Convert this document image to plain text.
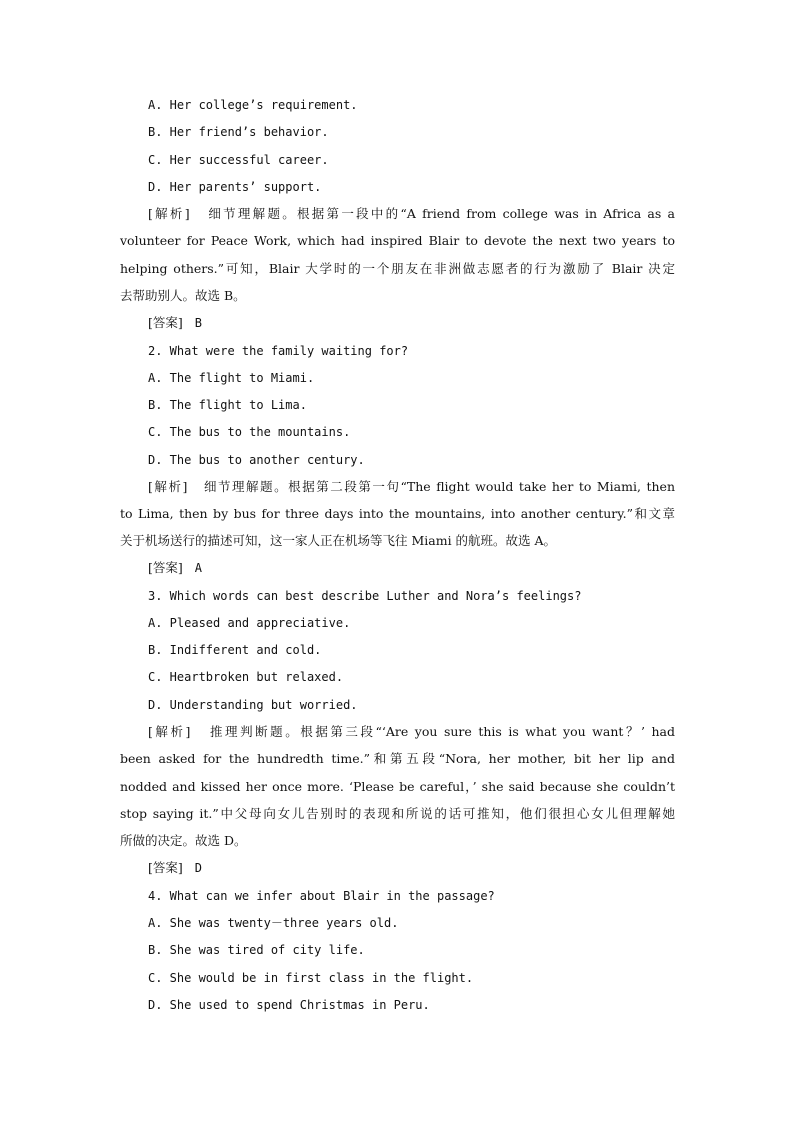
A. Her college’s requirement.
B. Her friend’s behavior.
C. Her successful career.
D. Her parents’ support.
[解析] 细节理解题。根据第一段中的“A friend from college was in Africa as a
volunteer for Peace Work, which had inspired Blair to devote the next two years to
helping others.”可知，Blair 大学时的一个朋友在非洲做志愿者的行为激励了 Blair 决定
去帮助别人。故选 B。
[答案] B
2. What were the family waiting for?
A. The flight to Miami.
B. The flight to Lima.
C. The bus to the mountains.
D. The bus to another century.
[解析] 细节理解题。根据第二段第一句“The flight would take her to Miami, then
to Lima, then by bus for three days into the mountains, into another century.”和文章
关于机场送行的描述可知，这一家人正在机场等飞往 Miami 的航班。故选 A。
[答案] A
3. Which words can best describe Luther and Nora’s feelings?
A. Pleased and appreciative.
B. Indifferent and cold.
C. Heartbroken but relaxed.
D. Understanding but worried.
[解析] 推理判断题。根据第三段“‘Are you sure this is what you want？’ had
been asked for the hundredth time.”和第五段“Nora, her mother, bit her lip and
nodded and kissed her once more. ‘Please be careful，’ she said because she couldn’t
stop saying it.”中父母向女儿告别时的表现和所说的话可推知，他们很担心女儿但理解她
所做的决定。故选 D。
[答案] D
4. What can we infer about Blair in the passage?
A. She was twenty－three years old.
B. She was tired of city life.
C. She would be in first class in the flight.
D. She used to spend Christmas in Peru.
